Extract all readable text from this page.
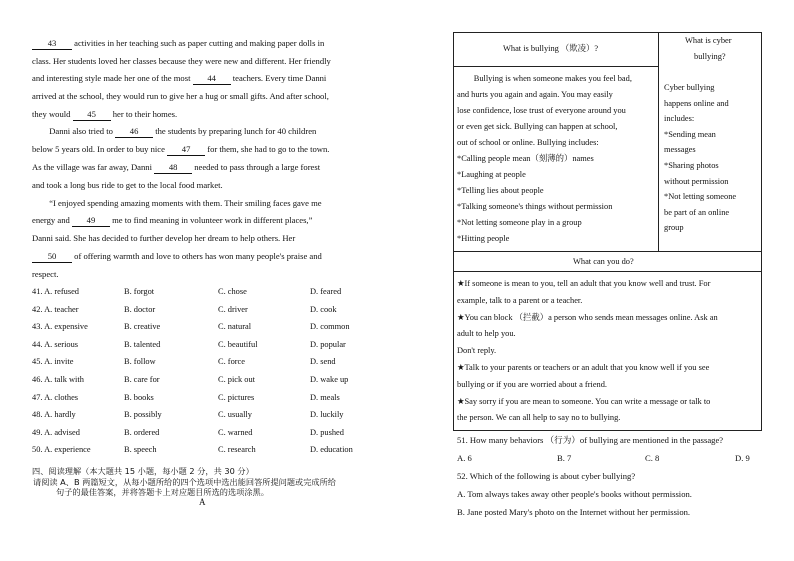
43 activities in her teaching such as paper cutting and making paper dolls in
class. Her students loved her classes because they were new and different. Her friendly
and interesting style made her one of the most 44 teachers. Every time Danni
arrived at the school, they would run to give her a hug or small gifts. And after school,
they would 45 her to their homes.
Danni also tried to 46 the students by preparing lunch for 40 children
below 5 years old. In order to buy nice 47 for them, she had to go to the town.
As the village was far away, Danni 48 needed to pass through a large forest
and took a long bus ride to get to the local food market.
“I enjoyed spending amazing moments with them. Their smiling faces gave me
energy and 49 me to find meaning in volunteer work in different places,”
Danni said. She has decided to further develop her dream to help others. Her
50 of offering warmth and love to others has won many people's praise and
respect.
41. A. refused	B. forgot	C. chose	D. feared
42. A. teacher	B. doctor	C. driver	D. cook
43. A. expensive	B. creative	C. natural	D. common
44. A. serious	B. talented	C. beautiful	D. popular
45. A. invite	B. follow	C. force	D. send
46. A. talk with	B. care for	C. pick out	D. wake up
47. A. clothes	B. books	C. pictures	D. meals
48. A. hardly	B. possibly	C. usually	D. luckily
49. A. advised	B. ordered	C. warned	D. pushed
50. A. experience	B. speech	C. research	D. education
四、阅读理解（本大题共 15 小题，每小题 2 分，共 30 分）
请阅读 A、B 两篇短文，从每小题所给的四个选项中选出能回答所提问题或完成所给
句子的最佳答案，并将答题卡上对应题目所选的选项涂黑。
A
What is bullying （欺凌）?
What is cyber
bullying?
Bullying is when someone makes you feel bad,
and hurts you again and again. You may easily
lose confidence, lose trust of everyone around you
or even get sick. Bullying can happen at school,
out of school or online. Bullying includes:
*Calling people mean（刻薄的）names
*Laughing at people
*Telling lies about people
*Talking someone's things without permission
*Not letting someone play in a group
*Hitting people
Cyber bullying
happens online and
includes:
*Sending mean
messages
*Sharing photos
without permission
*Not letting someone
be part of an online
group
What can you do?
★If someone is mean to you, tell an adult that you know well and trust. For
example, talk to a parent or a teacher.
★You can block （拦截）a person who sends mean messages online. Ask an
adult to help you.
Don't reply.
★Talk to your parents or teachers or an adult that you know well if you see
bullying or if you are worried about a friend.
★Say sorry if you are mean to someone. You can write a message or talk to
the person. We can all help to say no to bullying.
51. How many behaviors （行为）of bullying are mentioned in the passage?
A. 6	B. 7	C. 8	D. 9
52. Which of the following is about cyber bullying?
A. Tom always takes away other people's books without permission.
B. Jane posted Mary's photo on the Internet without her permission.
